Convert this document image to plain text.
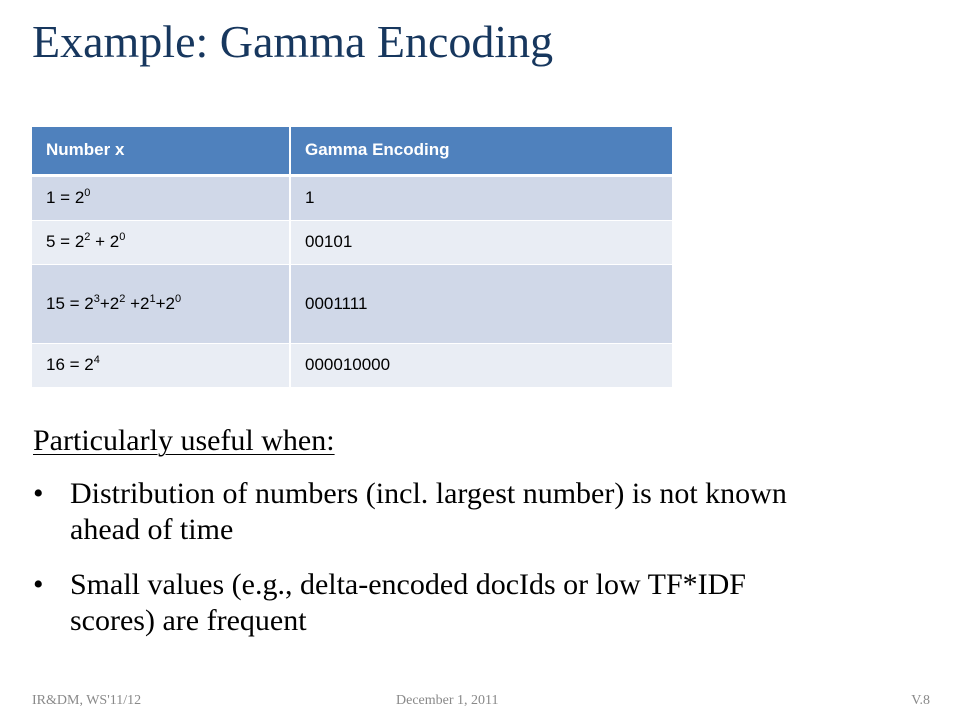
Example: Gamma Encoding
Number x	Gamma Encoding
$1 = 2^0$	1
$5 = 2^2 + 2^0$	00101
$15 = 2^3+2^2 +2^1+2^0$	0001111
$16 = 2^4$	000010000

Particularly useful when:

• Distribution of numbers (incl. largest number) is not known ahead of time
• Small values (e.g., delta-encoded docIds or low TF*IDF scores) are frequent
IR&DM, WS'11/12	December 1, 2011	V.8
